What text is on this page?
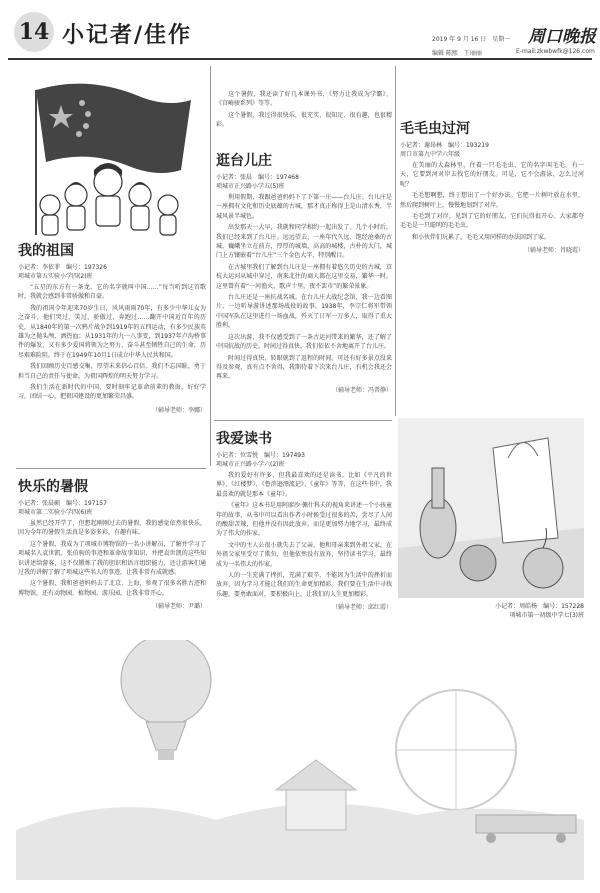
14 小记者/佳作	2019 年 9 月 16 日　星期一 周口晚报
编辑 陈熙　王丽丽	E-mail:zkwbwfk@126.com
我的祖国
小记者：李依菲　编号：197326
项城市第五实验小学四(2)班
“五星的东方有一条龙，它的名字就叫中国……”每当听到这首歌时，我就会感到非常骄傲和自豪。
我的祖国今年迎来70岁生日，风风雨雨70年，有多少中华儿女为之奋斗，他们哭过、笑过、骄傲过，奔跑过……翻开中国近百年的历史，从1840年的第一次鸦片战争到1919年的五四运动，有多少民族英雄为之抛头颅、洒热血；从1931年的九一八事变，到1937年卢沟桥事件的爆发，又有多少爱国将领为之努力，奋斗甚至牺牲自己的生命，历尽艰难险阻，终于在1949年10月1日成立中华人民共和国。
我们回顾历史百感交集，厚望未来信心百倍。我们不忘国耻，勇于担当自己的责任与使命，为祖国辉煌的明天努力学习。
我们生活在新时代的中国，要时刻牢记革命前辈的教诲，好好学习，团结一心，把祖国建设的更加繁荣昌盛。
（辅导老师：李娜）
快乐的暑假
小记者：张晨硕　编号：197157
项城市第二实验小学四(6)班
虽然已经开学了，但想起刚刚过去的暑假，我的感觉依然很快乐，因为今年的暑假生活真是多姿多彩，有趣有味。
这个暑假，我成为了项城市博物馆的一名小讲解员，了解并学习了项城名人袁世凯、张伯驹的事迹和革命故事知识，并把袁世凯的这些知识讲述给游客，这不仅锻炼了我的胆识和语言组织能力，还让游客们通过我的讲解了解了项城这些名人的事迹，让我非常有成就感。
这个暑假，我和爸爸妈妈去了北京、上海，参观了很多名胜古迹和博物馆，还有动物园、植物园、游乐园，让我非常开心。
（辅导老师：尹璐）
这个暑假，我还读了好几本课外书，《努力让我成为学霸》、《宫崎骏系列》等等。
这个暑假，我过得很快乐，很充实、很知足、很有趣，也很精彩。
逛台儿庄
小记者：张晨　编号：197468
项城市正兴路小学五(5)班
利用假期，我跟爸爸妈妈下了下第一庄——台儿庄。台儿庄是一座拥有文化和历史底蕴的古城，那才真正称得上是山清水秀，半城风景半城色。
出发那天一大早，我就和同学相约一起出发了。几个小时后，我们已经来到了台儿庄。远远望去，一座年代久远、饱经沧桑的古城，巍峨坐立在前方，厚厚的城墙，高高的城楼，古朴的大门，城门上方镶嵌着“台儿庄”三个金色大字，特别醒目。
在古城里我们了解到台儿庄是一座拥有着悠久历史的古城，京杭大运河从城中穿过，南来北往的商人都在这里交易，繁华一时，这里曾有着“一河渔火，歌声十里，夜不罢市”的繁荣景象。
台儿庄还是一座抗战名城。在台儿庄大战纪念馆，我一边看图片，一边听导游讲述那场战役的故事。1938年，李宗仁将军带领中国军队在这里进行一场血战，歼灭了日军一万多人，取得了重大胜利。
这次出游，我不仅感受到了一条古运河带来的繁华，还了解了中国抗战的历史。时间过得真快，我们依依不舍地离开了台儿庄。
时间过得真快，转眼就到了返程的时间。可还有好多景点没来得及参观，真有点不舍得，我期待着下次来台儿庄，有机会我还会再来。
（辅导老师：冯普静）
我爱读书
小记者：位雪悦　编号：197493
项城市正兴路小学六(2)班
我的爱好有许多，但我最喜欢的还是读书。比如《平凡的世界》、《红楼梦》、《鲁滨逊漂流记》、《童年》等等，在这些书中，我最喜欢的就是那本《童年》。
《童年》这本书是用阿廖沙·佩什科夫的视角来讲述一个小孩童年的故事，从书中可以看出作者小时候受过很多的苦，尝尽了人间的酸甜苦辣，但他并没有因此放弃，而是更加努力地学习，最终成为了伟大的作家。
文中的主人公很小就失去了父亲，他和母亲来到外祖父家，在外祖父家里受尽了欺负，但他依然没有放弃，坚持读书学习，最终成为一名伟大的作家。
人的一生充满了挫折，充满了艰辛，不能因为生活中的挫折而放弃，因为学习才能让我们的生命更加精彩。我们要在生活中寻找乐趣，要勇敢面对，要积极向上，让我们的人生更加精彩。
（辅导老师：邱红霞）
毛毛虫过河
小记者：谢昂林　编号：193219
周口市第九中学六年级
在美丽的大森林里，住着一只毛毛虫，它的名字叫毛毛。有一天，它要到河对岸去找它的好朋友。可是，它不会游泳，怎么过河呢？
毛毛想啊想，终于想出了一个好办法。它把一片树叶放在水里，然后爬到树叶上，慢慢地划到了对岸。
毛毛到了对岸，见到了它的好朋友，它们玩得很开心。大家都夸毛毛是一只聪明的毛毛虫。
和小伙伴们玩累了，毛毛又用同样的办法回到了家。
（辅导老师：肖晓霞）
小记者：周皓杨　编号：157228
项城市第一初级中学七(3)班
